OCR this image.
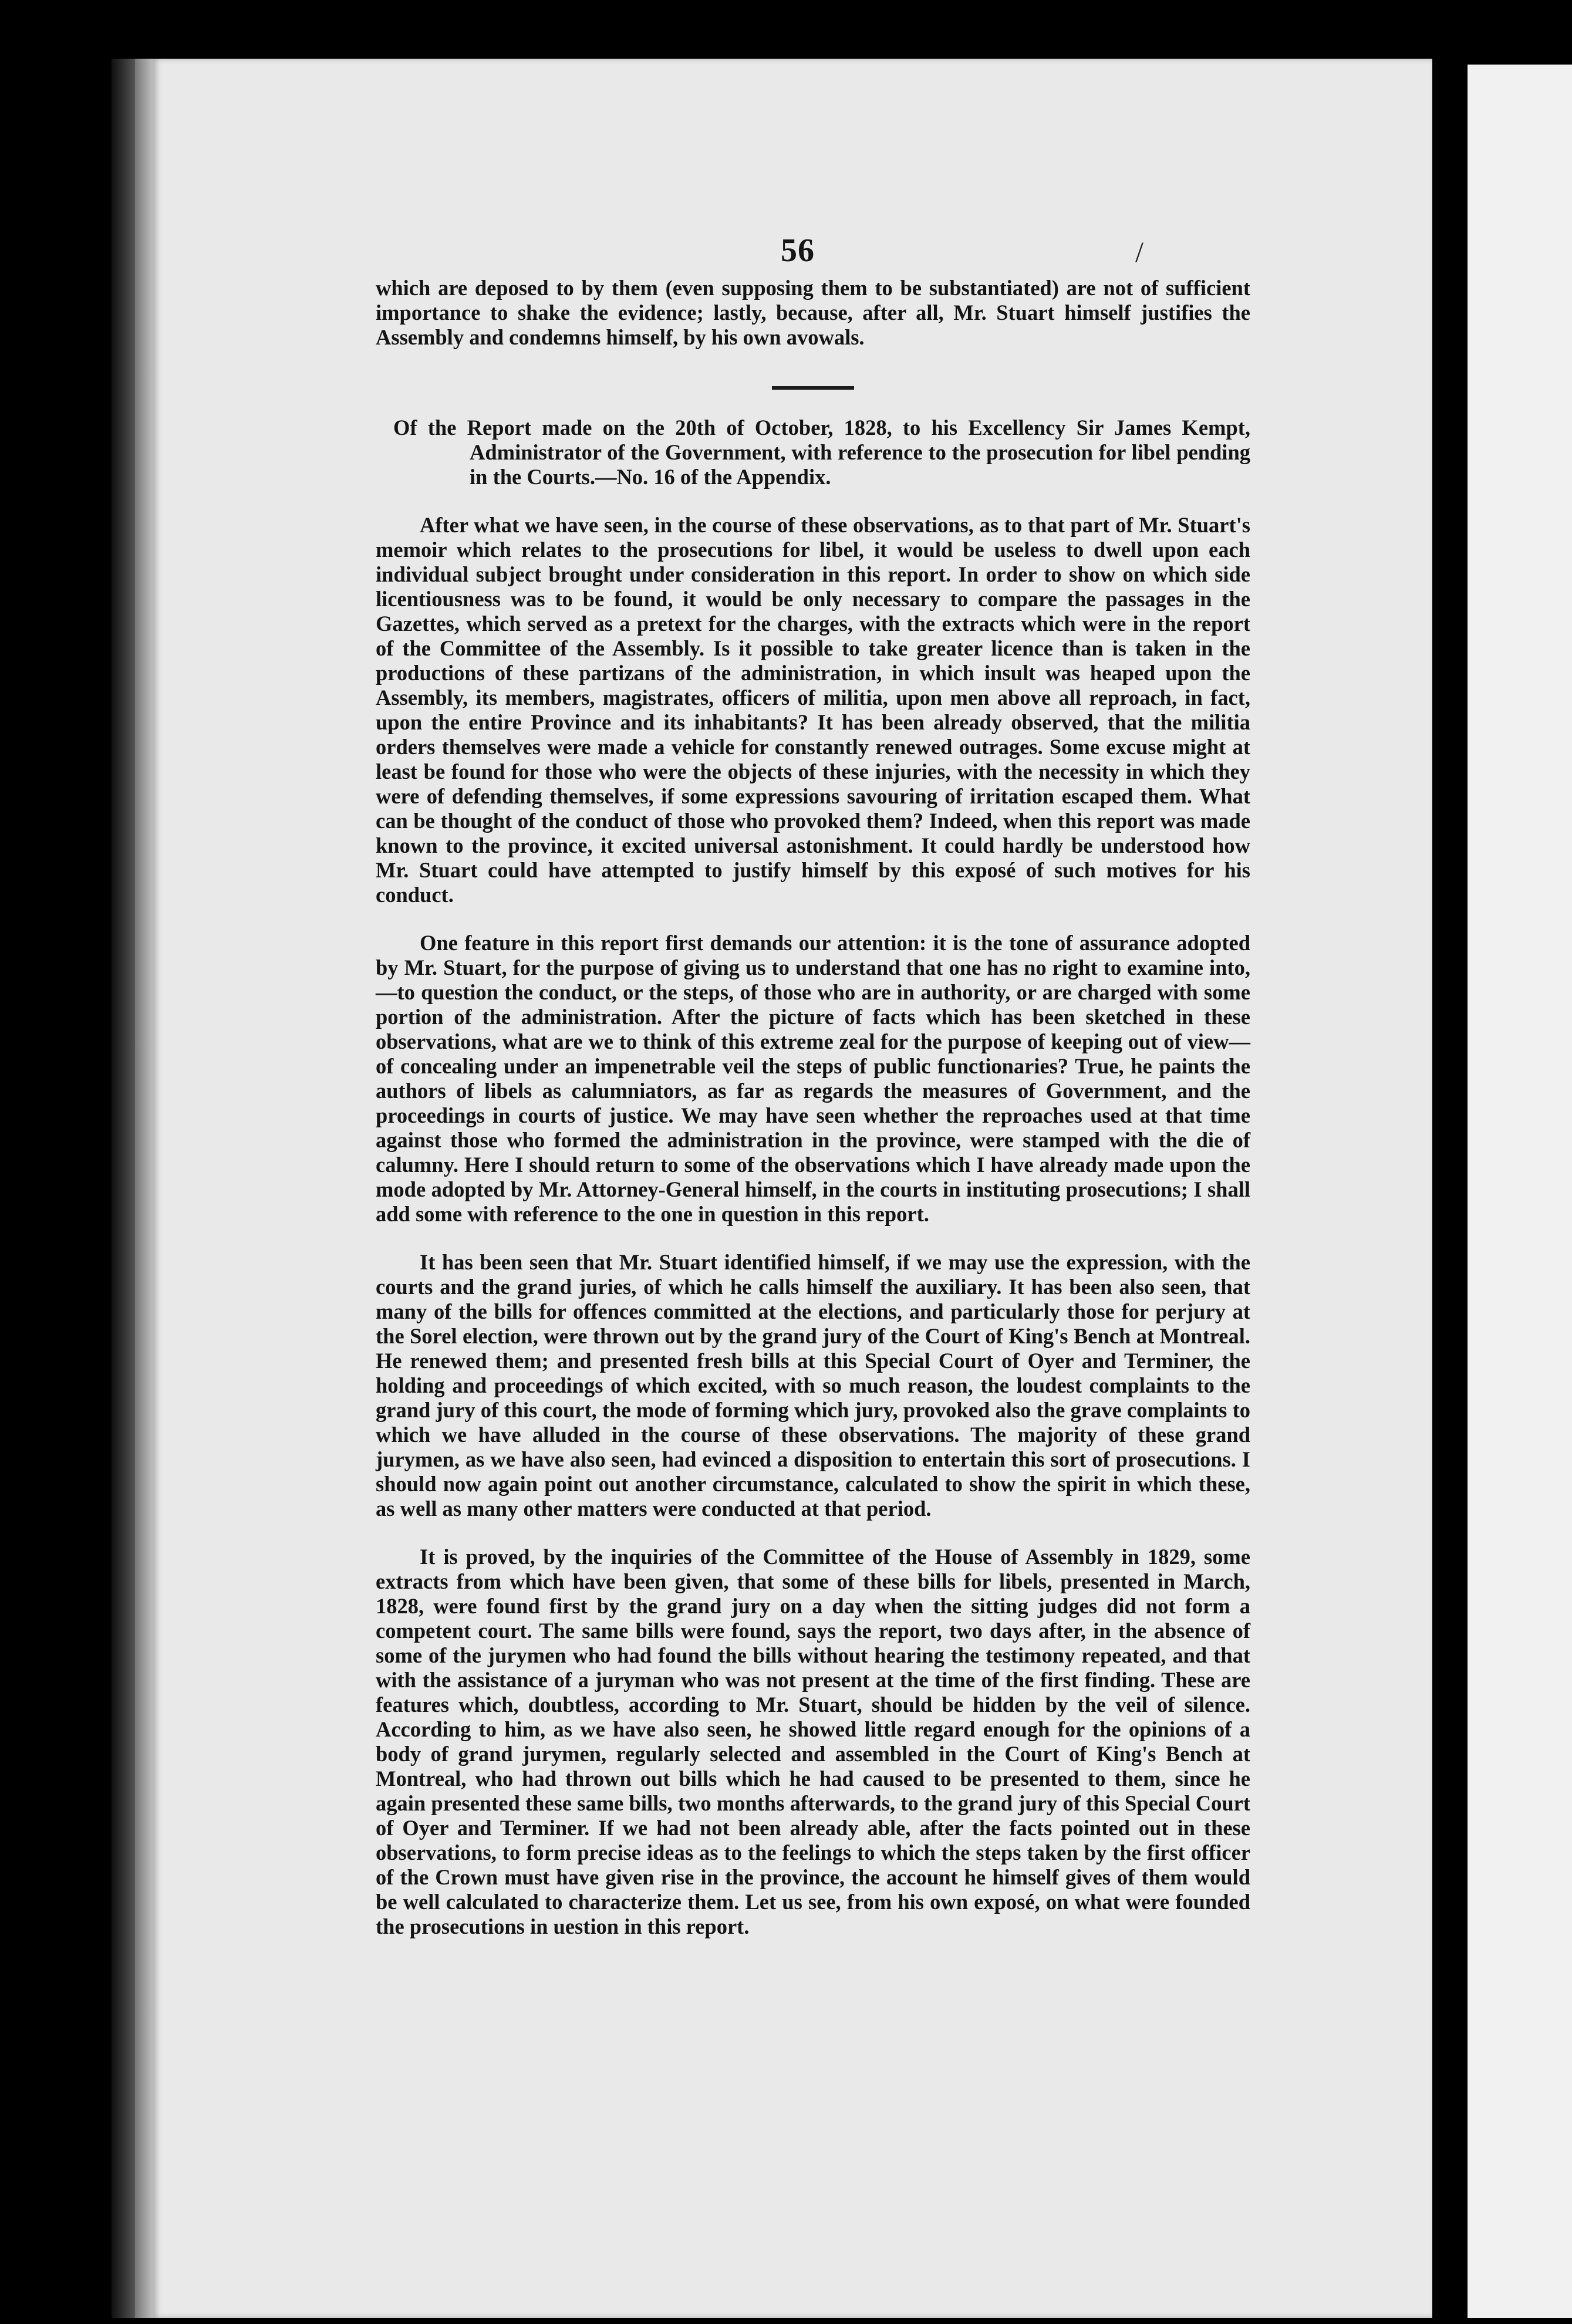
56	/

which are deposed to by them (even supposing them to be substantiated) are not of sufficient importance to shake the evidence; lastly, because, after all, Mr. Stuart himself justifies the Assembly and condemns himself, by his own avowals.

Of the Report made on the 20th of October, 1828, to his Excellency Sir James Kempt, Administrator of the Government, with reference to the prosecution for libel pending in the Courts.—No. 16 of the Appendix.

After what we have seen, in the course of these observations, as to that part of Mr. Stuart's memoir which relates to the prosecutions for libel, it would be useless to dwell upon each individual subject brought under consideration in this report. In order to show on which side licentiousness was to be found, it would be only necessary to compare the passages in the Gazettes, which served as a pretext for the charges, with the extracts which were in the report of the Committee of the Assembly. Is it possible to take greater licence than is taken in the productions of these partizans of the administration, in which insult was heaped upon the Assembly, its members, magistrates, officers of militia, upon men above all reproach, in fact, upon the entire Province and its inhabitants? It has been already observed, that the militia orders themselves were made a vehicle for constantly renewed outrages. Some excuse might at least be found for those who were the objects of these injuries, with the necessity in which they were of defending themselves, if some expressions savouring of irritation escaped them. What can be thought of the conduct of those who provoked them? Indeed, when this report was made known to the province, it excited universal astonishment. It could hardly be understood how Mr. Stuart could have attempted to justify himself by this exposé of such motives for his conduct.

One feature in this report first demands our attention: it is the tone of assurance adopted by Mr. Stuart, for the purpose of giving us to understand that one has no right to examine into,—to question the conduct, or the steps, of those who are in authority, or are charged with some portion of the administration. After the picture of facts which has been sketched in these observations, what are we to think of this extreme zeal for the purpose of keeping out of view—of concealing under an impenetrable veil the steps of public functionaries? True, he paints the authors of libels as calumniators, as far as regards the measures of Government, and the proceedings in courts of justice. We may have seen whether the reproaches used at that time against those who formed the administration in the province, were stamped with the die of calumny. Here I should return to some of the observations which I have already made upon the mode adopted by Mr. Attorney-General himself, in the courts in instituting prosecutions; I shall add some with reference to the one in question in this report.

It has been seen that Mr. Stuart identified himself, if we may use the expression, with the courts and the grand juries, of which he calls himself the auxiliary. It has been also seen, that many of the bills for offences committed at the elections, and particularly those for perjury at the Sorel election, were thrown out by the grand jury of the Court of King's Bench at Montreal. He renewed them; and presented fresh bills at this Special Court of Oyer and Terminer, the holding and proceedings of which excited, with so much reason, the loudest complaints to the grand jury of this court, the mode of forming which jury, provoked also the grave complaints to which we have alluded in the course of these observations. The majority of these grand jurymen, as we have also seen, had evinced a disposition to entertain this sort of prosecutions. I should now again point out another circumstance, calculated to show the spirit in which these, as well as many other matters were conducted at that period.

It is proved, by the inquiries of the Committee of the House of Assembly in 1829, some extracts from which have been given, that some of these bills for libels, presented in March, 1828, were found first by the grand jury on a day when the sitting judges did not form a competent court. The same bills were found, says the report, two days after, in the absence of some of the jurymen who had found the bills without hearing the testimony repeated, and that with the assistance of a juryman who was not present at the time of the first finding. These are features which, doubtless, according to Mr. Stuart, should be hidden by the veil of silence. According to him, as we have also seen, he showed little regard enough for the opinions of a body of grand jurymen, regularly selected and assembled in the Court of King's Bench at Montreal, who had thrown out bills which he had caused to be presented to them, since he again presented these same bills, two months afterwards, to the grand jury of this Special Court of Oyer and Terminer. If we had not been already able, after the facts pointed out in these observations, to form precise ideas as to the feelings to which the steps taken by the first officer of the Crown must have given rise in the province, the account he himself gives of them would be well calculated to characterize them. Let us see, from his own exposé, on what were founded the prosecutions in uestion in this report.
